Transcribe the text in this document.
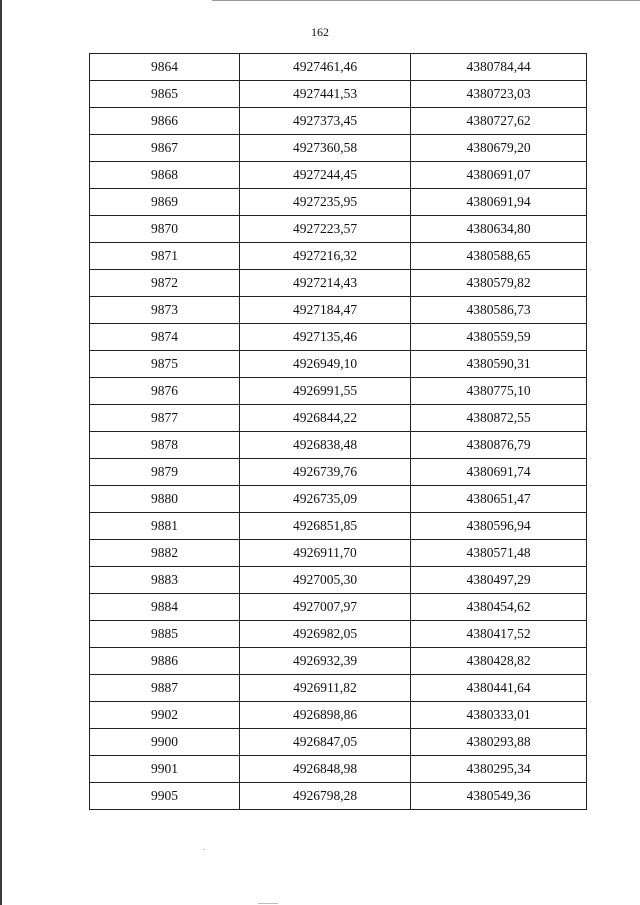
162
9864	4927461,46	4380784,44
9865	4927441,53	4380723,03
9866	4927373,45	4380727,62
9867	4927360,58	4380679,20
9868	4927244,45	4380691,07
9869	4927235,95	4380691,94
9870	4927223,57	4380634,80
9871	4927216,32	4380588,65
9872	4927214,43	4380579,82
9873	4927184,47	4380586,73
9874	4927135,46	4380559,59
9875	4926949,10	4380590,31
9876	4926991,55	4380775,10
9877	4926844,22	4380872,55
9878	4926838,48	4380876,79
9879	4926739,76	4380691,74
9880	4926735,09	4380651,47
9881	4926851,85	4380596,94
9882	4926911,70	4380571,48
9883	4927005,30	4380497,29
9884	4927007,97	4380454,62
9885	4926982,05	4380417,52
9886	4926932,39	4380428,82
9887	4926911,82	4380441,64
9902	4926898,86	4380333,01
9900	4926847,05	4380293,88
9901	4926848,98	4380295,34
9905	4926798,28	4380549,36
